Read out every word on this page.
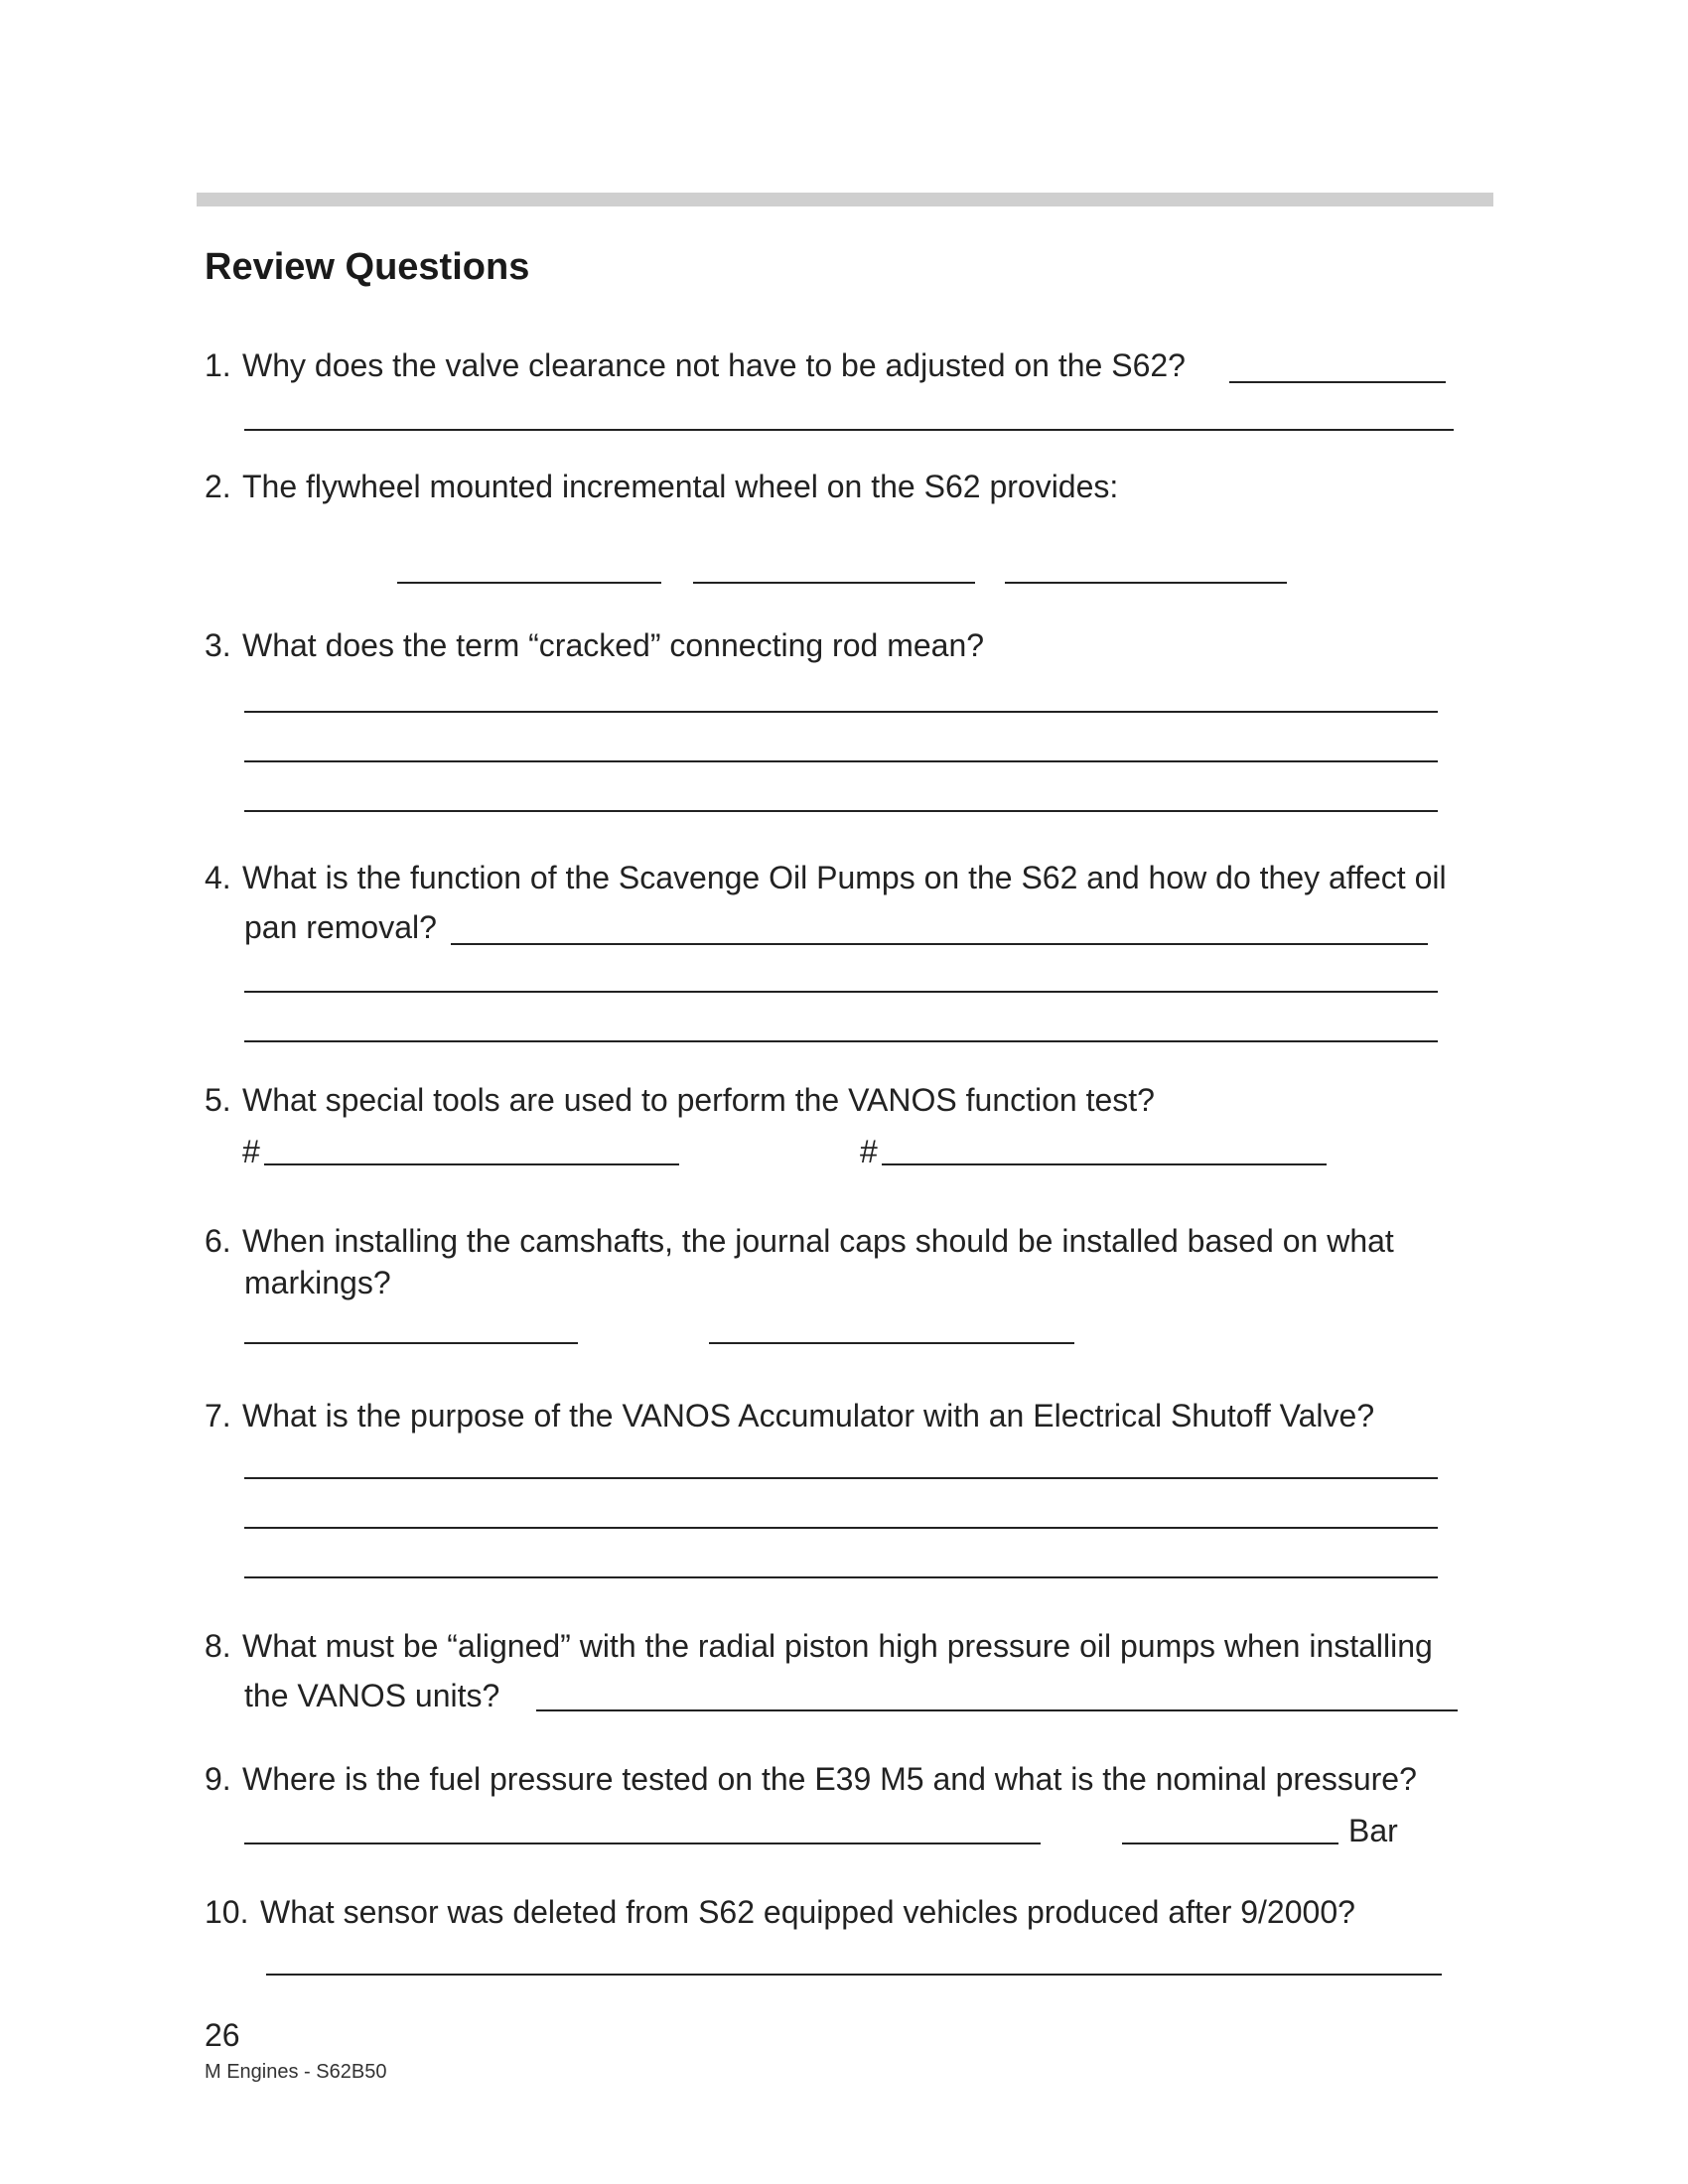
Review Questions
1. Why does the valve clearance not have to be adjusted on the S62?
2. The flywheel mounted incremental wheel on the S62 provides:
3. What does the term “cracked” connecting rod mean?
4. What is the function of the Scavenge Oil Pumps on the S62 and how do they affect oil
pan removal?
5. What special tools are used to perform the VANOS function test?
#	#
6. When installing the camshafts, the journal caps should be installed based on what
markings?
7. What is the purpose of the VANOS Accumulator with an Electrical Shutoff Valve?
8. What must be “aligned” with the radial piston high pressure oil pumps when installing
the VANOS units?
9. Where is the fuel pressure tested on the E39 M5 and what is the nominal pressure?
Bar
10. What sensor was deleted from S62 equipped vehicles produced after 9/2000?
26
M Engines - S62B50
